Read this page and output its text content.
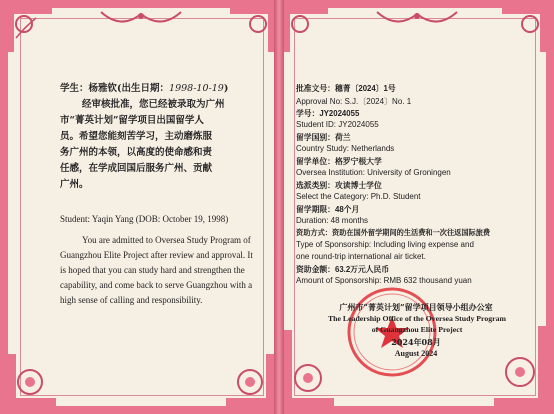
学生：杨雅钦(出生日期：1998-10-19)
经审核批准，您已经被录取为广州
市“菁英计划”留学项目出国留学人
员。希望您能刻苦学习，主动磨炼服
务广州的本领，以高度的使命感和责
任感，在学成回国后服务广州、贡献
广州。
Student: Yaqin Yang (DOB: October 19, 1998)
You are admitted to Oversea Study Program of
Guangzhou Elite Project after review and approval. It
is hoped that you can study hard and strengthen the
capability, and come back to serve Guangzhou with a
high sense of calling and responsibility.
批准文号：穗菁〔2024〕1号
Approval No: S.J.〔2024〕No. 1
学号：JY2024055
Student ID: JY2024055
留学国别：荷兰
Country Study: Netherlands
留学单位：格罗宁根大学
Oversea Institution: University of Groningen
选派类别：攻读博士学位
Select the Category: Ph.D. Student
留学期限：48个月
Duration: 48 months
资助方式：资助在国外留学期间的生活费和一次往返国际旅费
Type of Sponsorship: Including living expense and
one round-trip international air ticket.
资助金额：63.2万元人民币
Amount of Sponsorship: RMB 632 thousand yuan
广州市“菁英计划”留学项目领导小组办公室
The Leadership Office of the Oversea Study Program
of Guangzhou Elite Project
2024年08月
August 2024
